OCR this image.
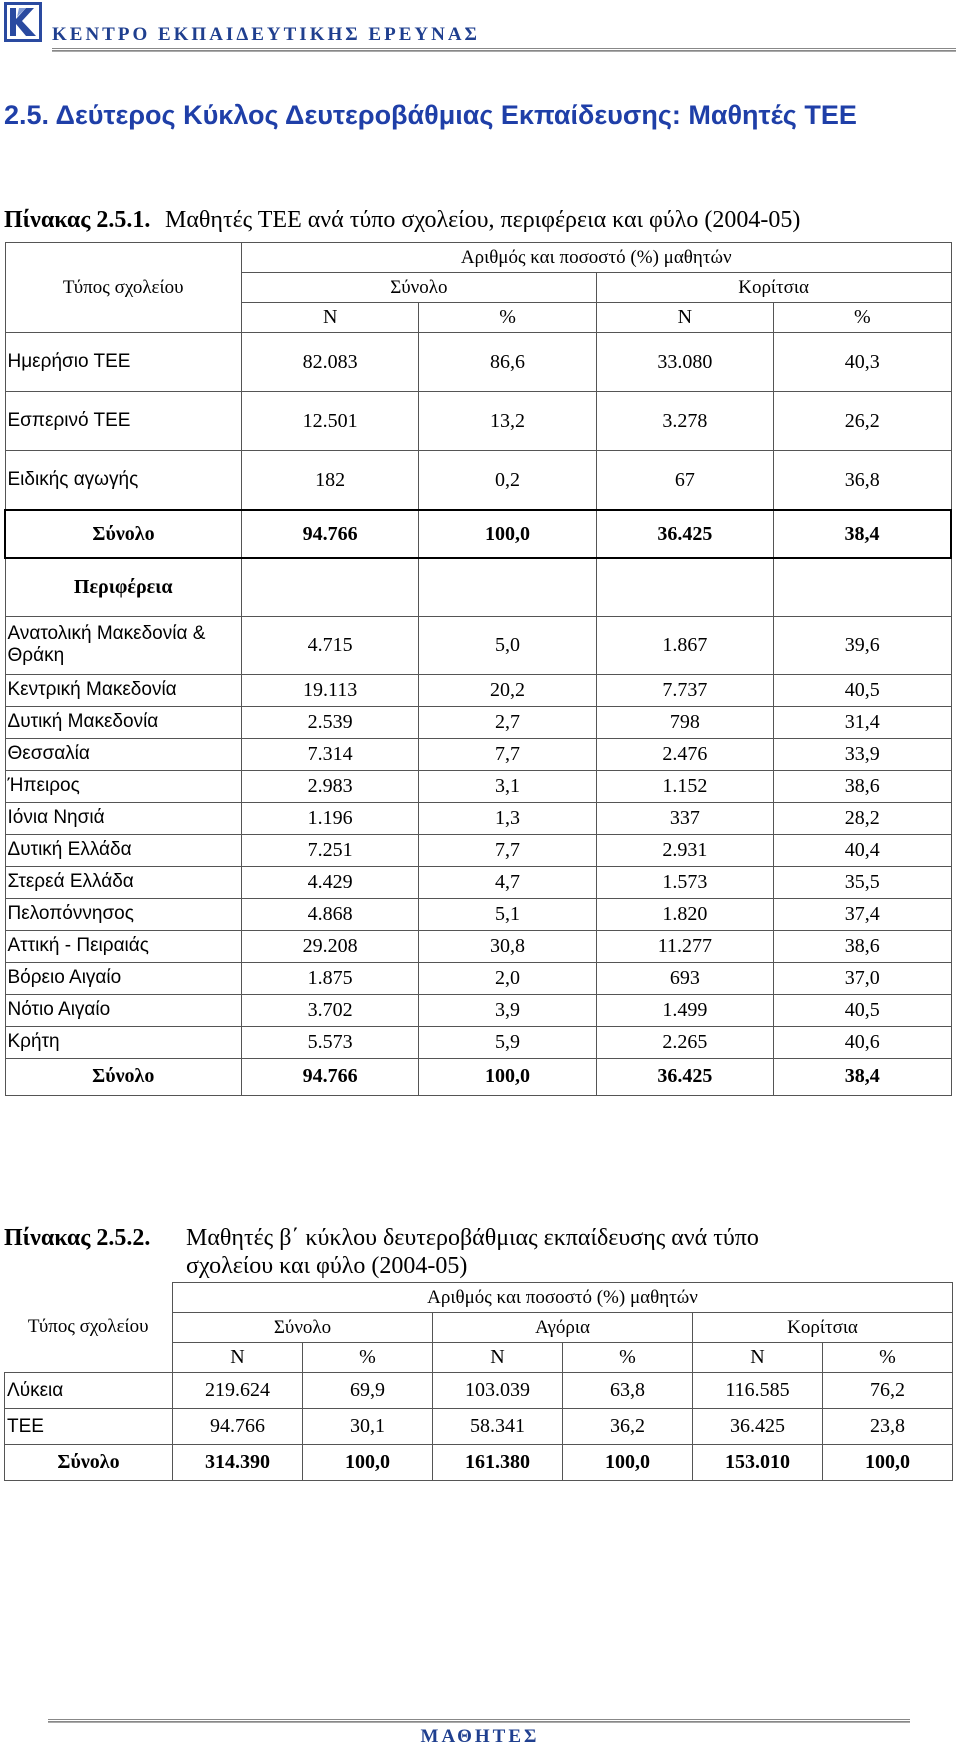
ΚΕΝΤΡΟ ΕΚΠΑΙΔΕΥΤΙΚΗΣ ΕΡΕΥΝΑΣ
2.5. Δεύτερος Κύκλος Δευτεροβάθμιας Εκπαίδευσης: Μαθητές ΤΕΕ
Πίνακας 2.5.1. Μαθητές ΤΕΕ ανά τύπο σχολείου, περιφέρεια και φύλο (2004-05)
Τύπος σχολείου	Αριθμός και ποσοστό (%) μαθητών			
	Σύνολο		Κορίτσια	
	Ν	%	Ν	%
Ημερήσιο ΤΕΕ	82.083	86,6	33.080	40,3
Εσπερινό ΤΕΕ	12.501	13,2	3.278	26,2
Ειδικής αγωγής	182	0,2	67	36,8
Σύνολο	94.766	100,0	36.425	38,4
Περιφέρεια				
Ανατολική Μακεδονία & Θράκη	4.715	5,0	1.867	39,6
Κεντρική Μακεδονία	19.113	20,2	7.737	40,5
Δυτική Μακεδονία	2.539	2,7	798	31,4
Θεσσαλία	7.314	7,7	2.476	33,9
Ήπειρος	2.983	3,1	1.152	38,6
Ιόνια Νησιά	1.196	1,3	337	28,2
Δυτική Ελλάδα	7.251	7,7	2.931	40,4
Στερεά Ελλάδα	4.429	4,7	1.573	35,5
Πελοπόννησος	4.868	5,1	1.820	37,4
Αττική - Πειραιάς	29.208	30,8	11.277	38,6
Βόρειο Αιγαίο	1.875	2,0	693	37,0
Νότιο Αιγαίο	3.702	3,9	1.499	40,5
Κρήτη	5.573	5,9	2.265	40,6
Σύνολο	94.766	100,0	36.425	38,4
Πίνακας 2.5.2. Μαθητές β΄ κύκλου δευτεροβάθμιας εκπαίδευσης ανά τύπο
σχολείου και φύλο (2004-05)
Τύπος σχολείου	Αριθμός και ποσοστό (%) μαθητών					
	Σύνολο		Αγόρια		Κορίτσια	
	Ν	%	Ν	%	Ν	%
Λύκεια	219.624	69,9	103.039	63,8	116.585	76,2
ΤΕΕ	94.766	30,1	58.341	36,2	36.425	23,8
Σύνολο	314.390	100,0	161.380	100,0	153.010	100,0
ΜΑΘΗΤΕΣ
